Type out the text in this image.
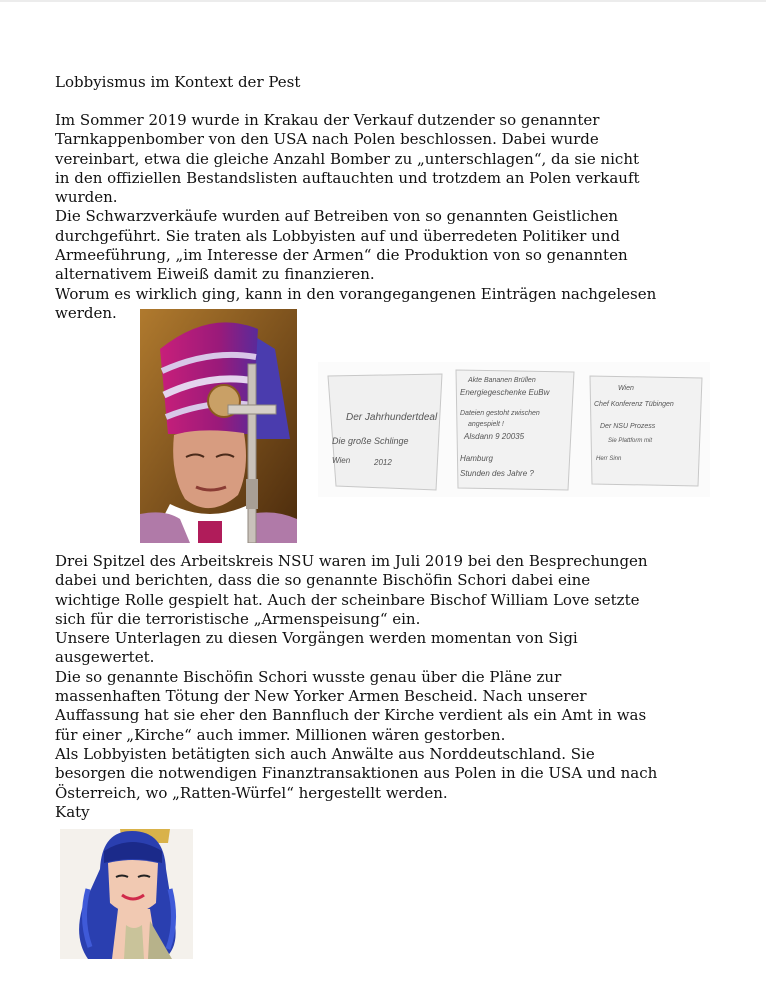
Lobbyismus im Kontext der Pest

Im Sommer 2019 wurde in Krakau der Verkauf dutzender so genannter

Tarnkappenbomber von den USA nach Polen beschlossen. Dabei wurde

vereinbart, etwa die gleiche Anzahl Bomber zu „unterschlagen“, da sie nicht

in den offiziellen Bestandslisten auftauchten und trotzdem an Polen verkauft

wurden.

Die Schwarzverkäufe wurden auf Betreiben von so genannten Geistlichen

durchgeführt. Sie traten als Lobbyisten auf und überredeten Politiker und

Armeeführung, „im Interesse der Armen“ die Produktion von so genannten

alternativem Eiweiß damit zu finanzieren.

Worum es wirklich ging, kann in den vorangegangenen Einträgen nachgelesen

werden.

Der Jahrhundertdeal
Die große Schlinge
Wien	2012
Akte Bananen Brüllen
Energiegeschenke EuBw
Dateien gestoht zwischen
angespielt !
Alsdann 9 20035
Hamburg
Stunden des Jahre ?
Wien
Chef Konferenz Tübingen
Der NSU Prozess
Sie Plattform mit
Herr Sinn

Drei Spitzel des Arbeitskreis NSU waren im Juli 2019 bei den Besprechungen

dabei und berichten, dass die so genannte Bischöfin Schori dabei eine

wichtige Rolle gespielt hat. Auch der scheinbare Bischof William Love setzte

sich für die terroristische „Armenspeisung“ ein.

Unsere Unterlagen zu diesen Vorgängen werden momentan von Sigi

ausgewertet.

Die so genannte Bischöfin Schori wusste genau über die Pläne zur

massenhaften Tötung der New Yorker Armen Bescheid. Nach unserer

Auffassung hat sie eher den Bannfluch der Kirche verdient als ein Amt in was

für einer „Kirche“ auch immer. Millionen wären gestorben.

Als Lobbyisten betätigten sich auch Anwälte aus Norddeutschland. Sie

besorgen die notwendigen Finanztransaktionen aus Polen in die USA und nach

Österreich, wo „Ratten-Würfel“ hergestellt werden.

Katy
